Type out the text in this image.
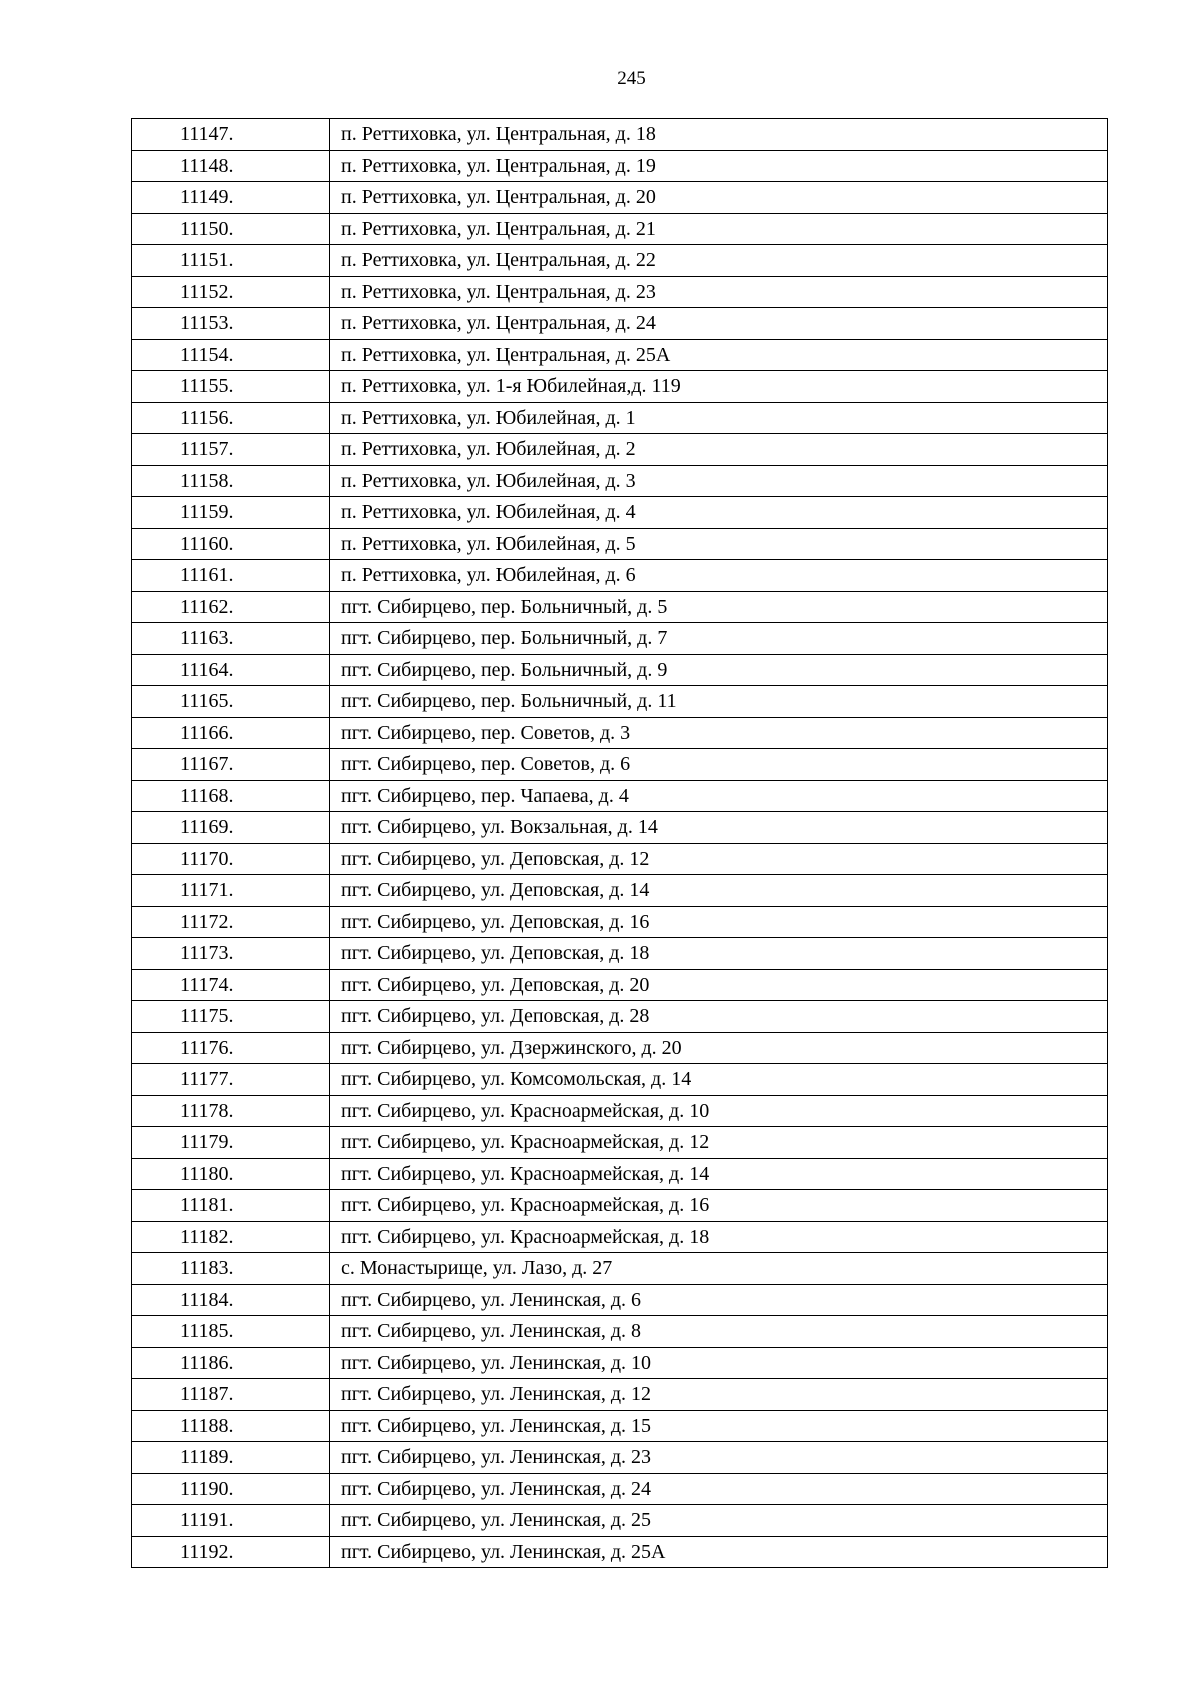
245
11147.	п. Реттиховка, ул. Центральная, д. 18
11148.	п. Реттиховка, ул. Центральная, д. 19
11149.	п. Реттиховка, ул. Центральная, д. 20
11150.	п. Реттиховка, ул. Центральная, д. 21
11151.	п. Реттиховка, ул. Центральная, д. 22
11152.	п. Реттиховка, ул. Центральная, д. 23
11153.	п. Реттиховка, ул. Центральная, д. 24
11154.	п. Реттиховка, ул. Центральная, д. 25А
11155.	п. Реттиховка, ул. 1-я Юбилейная,д. 119
11156.	п. Реттиховка, ул. Юбилейная, д. 1
11157.	п. Реттиховка, ул. Юбилейная, д. 2
11158.	п. Реттиховка, ул. Юбилейная, д. 3
11159.	п. Реттиховка, ул. Юбилейная, д. 4
11160.	п. Реттиховка, ул. Юбилейная, д. 5
11161.	п. Реттиховка, ул. Юбилейная, д. 6
11162.	пгт. Сибирцево, пер. Больничный, д. 5
11163.	пгт. Сибирцево, пер. Больничный, д. 7
11164.	пгт. Сибирцево, пер. Больничный, д. 9
11165.	пгт. Сибирцево, пер. Больничный, д. 11
11166.	пгт. Сибирцево, пер. Советов, д. 3
11167.	пгт. Сибирцево, пер. Советов, д. 6
11168.	пгт. Сибирцево, пер. Чапаева, д. 4
11169.	пгт. Сибирцево, ул. Вокзальная, д. 14
11170.	пгт. Сибирцево, ул. Деповская, д. 12
11171.	пгт. Сибирцево, ул. Деповская, д. 14
11172.	пгт. Сибирцево, ул. Деповская, д. 16
11173.	пгт. Сибирцево, ул. Деповская, д. 18
11174.	пгт. Сибирцево, ул. Деповская, д. 20
11175.	пгт. Сибирцево, ул. Деповская, д. 28
11176.	пгт. Сибирцево, ул. Дзержинского, д. 20
11177.	пгт. Сибирцево, ул. Комсомольская, д. 14
11178.	пгт. Сибирцево, ул. Красноармейская, д. 10
11179.	пгт. Сибирцево, ул. Красноармейская, д. 12
11180.	пгт. Сибирцево, ул. Красноармейская, д. 14
11181.	пгт. Сибирцево, ул. Красноармейская, д. 16
11182.	пгт. Сибирцево, ул. Красноармейская, д. 18
11183.	с. Монастырище, ул. Лазо, д. 27
11184.	пгт. Сибирцево, ул. Ленинская, д. 6
11185.	пгт. Сибирцево, ул. Ленинская, д. 8
11186.	пгт. Сибирцево, ул. Ленинская, д. 10
11187.	пгт. Сибирцево, ул. Ленинская, д. 12
11188.	пгт. Сибирцево, ул. Ленинская, д. 15
11189.	пгт. Сибирцево, ул. Ленинская, д. 23
11190.	пгт. Сибирцево, ул. Ленинская, д. 24
11191.	пгт. Сибирцево, ул. Ленинская, д. 25
11192.	пгт. Сибирцево, ул. Ленинская, д. 25А
